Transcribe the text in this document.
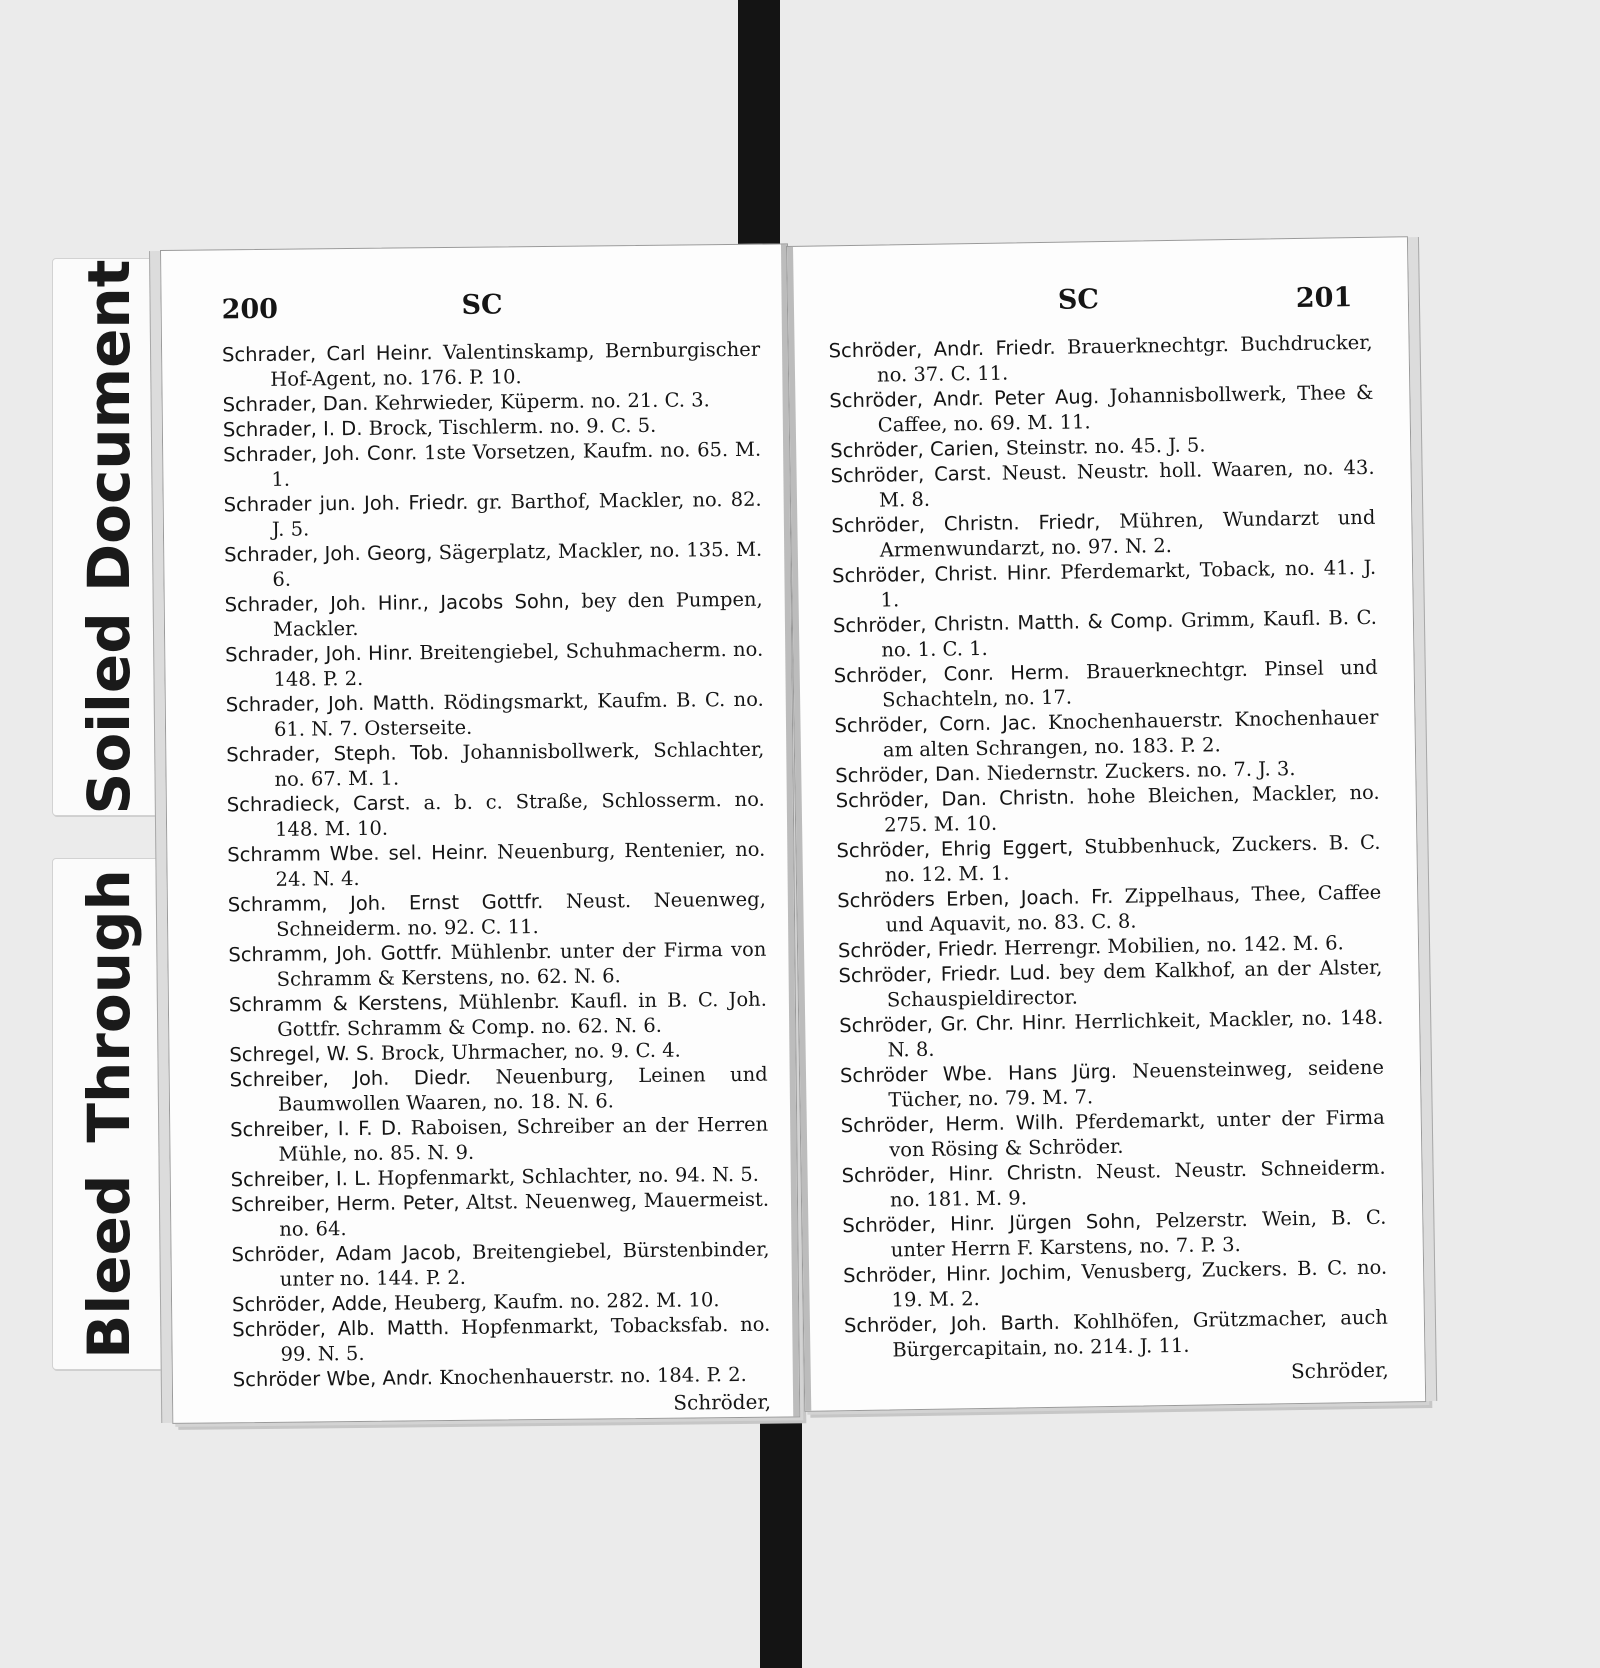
Soiled Document
BleedThrough
200	SC

Schrader, Carl Heinr. Valentinskamp, Bernburgischer Hof-Agent, no. 176. P. 10.

Schrader, Dan. Kehrwieder, Küperm. no. 21. C. 3.

Schrader, I. D. Brock, Tischlerm. no. 9. C. 5.

Schrader, Joh. Conr. 1ste Vorsetzen, Kaufm. no. 65. M. 1.

Schrader jun. Joh. Friedr. gr. Barthof, Mackler, no. 82. J. 5.

Schrader, Joh. Georg, Sägerplatz, Mackler, no. 135. M. 6.

Schrader, Joh. Hinr., Jacobs Sohn, bey den Pumpen, Mackler.

Schrader, Joh. Hinr. Breitengiebel, Schuhmacherm. no. 148. P. 2.

Schrader, Joh. Matth. Rödingsmarkt, Kaufm. B. C. no. 61. N. 7. Osterseite.

Schrader, Steph. Tob. Johannisbollwerk, Schlachter, no. 67. M. 1.

Schradieck, Carst. a. b. c. Straße, Schlosserm. no. 148. M. 10.

Schramm Wbe. sel. Heinr. Neuenburg, Rentenier, no. 24. N. 4.

Schramm, Joh. Ernst Gottfr. Neust. Neuenweg, Schneiderm. no. 92. C. 11.

Schramm, Joh. Gottfr. Mühlenbr. unter der Firma von Schramm & Kerstens, no. 62. N. 6.

Schramm & Kerstens, Mühlenbr. Kaufl. in B. C. Joh. Gottfr. Schramm & Comp. no. 62. N. 6.

Schregel, W. S. Brock, Uhrmacher, no. 9. C. 4.

Schreiber, Joh. Diedr. Neuenburg, Leinen und Baumwollen Waaren, no. 18. N. 6.

Schreiber, I. F. D. Raboisen, Schreiber an der Herren Mühle, no. 85. N. 9.

Schreiber, I. L. Hopfenmarkt, Schlachter, no. 94. N. 5.

Schreiber, Herm. Peter, Altst. Neuenweg, Mauermeist. no. 64.

Schröder, Adam Jacob, Breitengiebel, Bürstenbinder, unter no. 144. P. 2.

Schröder, Adde, Heuberg, Kaufm. no. 282. M. 10.

Schröder, Alb. Matth. Hopfenmarkt, Tobacksfab. no. 99. N. 5.

Schröder Wbe, Andr. Knochenhauerstr. no. 184. P. 2.

Schröder,
SC	201

Schröder, Andr. Friedr. Brauerknechtgr. Buchdrucker, no. 37. C. 11.

Schröder, Andr. Peter Aug. Johannisbollwerk, Thee & Caffee, no. 69. M. 11.

Schröder, Carien, Steinstr. no. 45. J. 5.

Schröder, Carst. Neust. Neustr. holl. Waaren, no. 43. M. 8.

Schröder, Christn. Friedr, Mühren, Wundarzt und Armenwundarzt, no. 97. N. 2.

Schröder, Christ. Hinr. Pferdemarkt, Toback, no. 41. J. 1.

Schröder, Christn. Matth. & Comp. Grimm, Kaufl. B. C. no. 1. C. 1.

Schröder, Conr. Herm. Brauerknechtgr. Pinsel und Schachteln, no. 17.

Schröder, Corn. Jac. Knochenhauerstr. Knochenhauer am alten Schrangen, no. 183. P. 2.

Schröder, Dan. Niedernstr. Zuckers. no. 7. J. 3.

Schröder, Dan. Christn. hohe Bleichen, Mackler, no. 275. M. 10.

Schröder, Ehrig Eggert, Stubbenhuck, Zuckers. B. C. no. 12. M. 1.

Schröders Erben, Joach. Fr. Zippelhaus, Thee, Caffee und Aquavit, no. 83. C. 8.

Schröder, Friedr. Herrengr. Mobilien, no. 142. M. 6.

Schröder, Friedr. Lud. bey dem Kalkhof, an der Alster, Schauspieldirector.

Schröder, Gr. Chr. Hinr. Herrlichkeit, Mackler, no. 148. N. 8.

Schröder Wbe. Hans Jürg. Neuensteinweg, seidene Tücher, no. 79. M. 7.

Schröder, Herm. Wilh. Pferdemarkt, unter der Firma von Rösing & Schröder.

Schröder, Hinr. Christn. Neust. Neustr. Schneiderm. no. 181. M. 9.

Schröder, Hinr. Jürgen Sohn, Pelzerstr. Wein, B. C. unter Herrn F. Karstens, no. 7. P. 3.

Schröder, Hinr. Jochim, Venusberg, Zuckers. B. C. no. 19. M. 2.

Schröder, Joh. Barth. Kohlhöfen, Grützmacher, auch Bürgercapitain, no. 214. J. 11.

Schröder,
